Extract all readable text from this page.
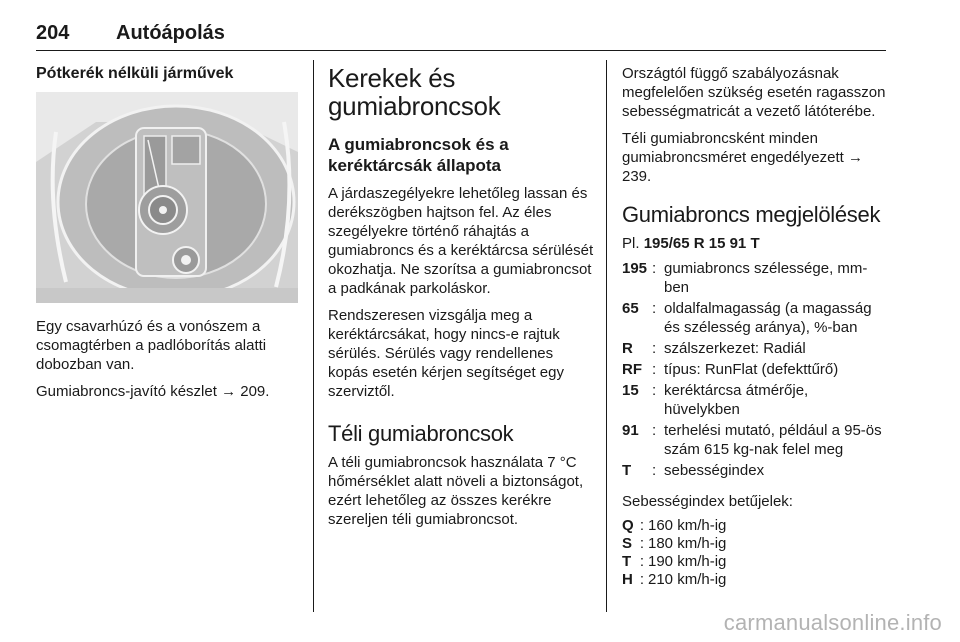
204 Autóápolás
Pótkerék nélküli járművek

Egy csavarhúzó és a vonószem a csomagtérben a padlóborítás alatti dobozban van.

Gumiabroncs-javító készlet → 209.

Kerekek és gumiabroncsok
A gumiabroncsok és a keréktárcsák állapota

A járdaszegélyekre lehetőleg lassan és derékszögben hajtson fel. Az éles szegélyekre történő ráhajtás a gumiabroncs és a keréktárcsa sérülését okozhatja. Ne szorítsa a gumiabroncsot a padkának parkoláskor.

Rendszeresen vizsgálja meg a keréktárcsákat, hogy nincs-e rajtuk sérülés. Sérülés vagy rendellenes kopás esetén kérjen segítséget egy szerviztől.

Téli gumiabroncsok

A téli gumiabroncsok használata 7 °C hőmérséklet alatt növeli a biztonságot, ezért lehetőleg az összes kerékre szereljen téli gumiabroncsot.

Országtól függő szabályozásnak megfelelően szükség esetén ragasszon sebességmatricát a vezető látóterébe.

Téli gumiabroncsként minden gumiabroncsméret engedélyezett → 239.

Gumiabroncs megjelölések

Pl. 195/65 R 15 91 T

195 : gumiabroncs szélessége, mm-ben
65 : oldalfalmagasság (a magasság és szélesség aránya), %-ban
R	: szálszerkezet: Radiál
RF : típus: RunFlat (defekttűrő)
15 : keréktárcsa átmérője, hüvelykben
91 : terhelési mutató, például a 95-ös szám 615 kg-nak felel meg
T	: sebességindex

Sebességindex betűjelek:

Q : 160 km/h-ig
S : 180 km/h-ig
T : 190 km/h-ig
H : 210 km/h-ig
carmanualsonline.info
